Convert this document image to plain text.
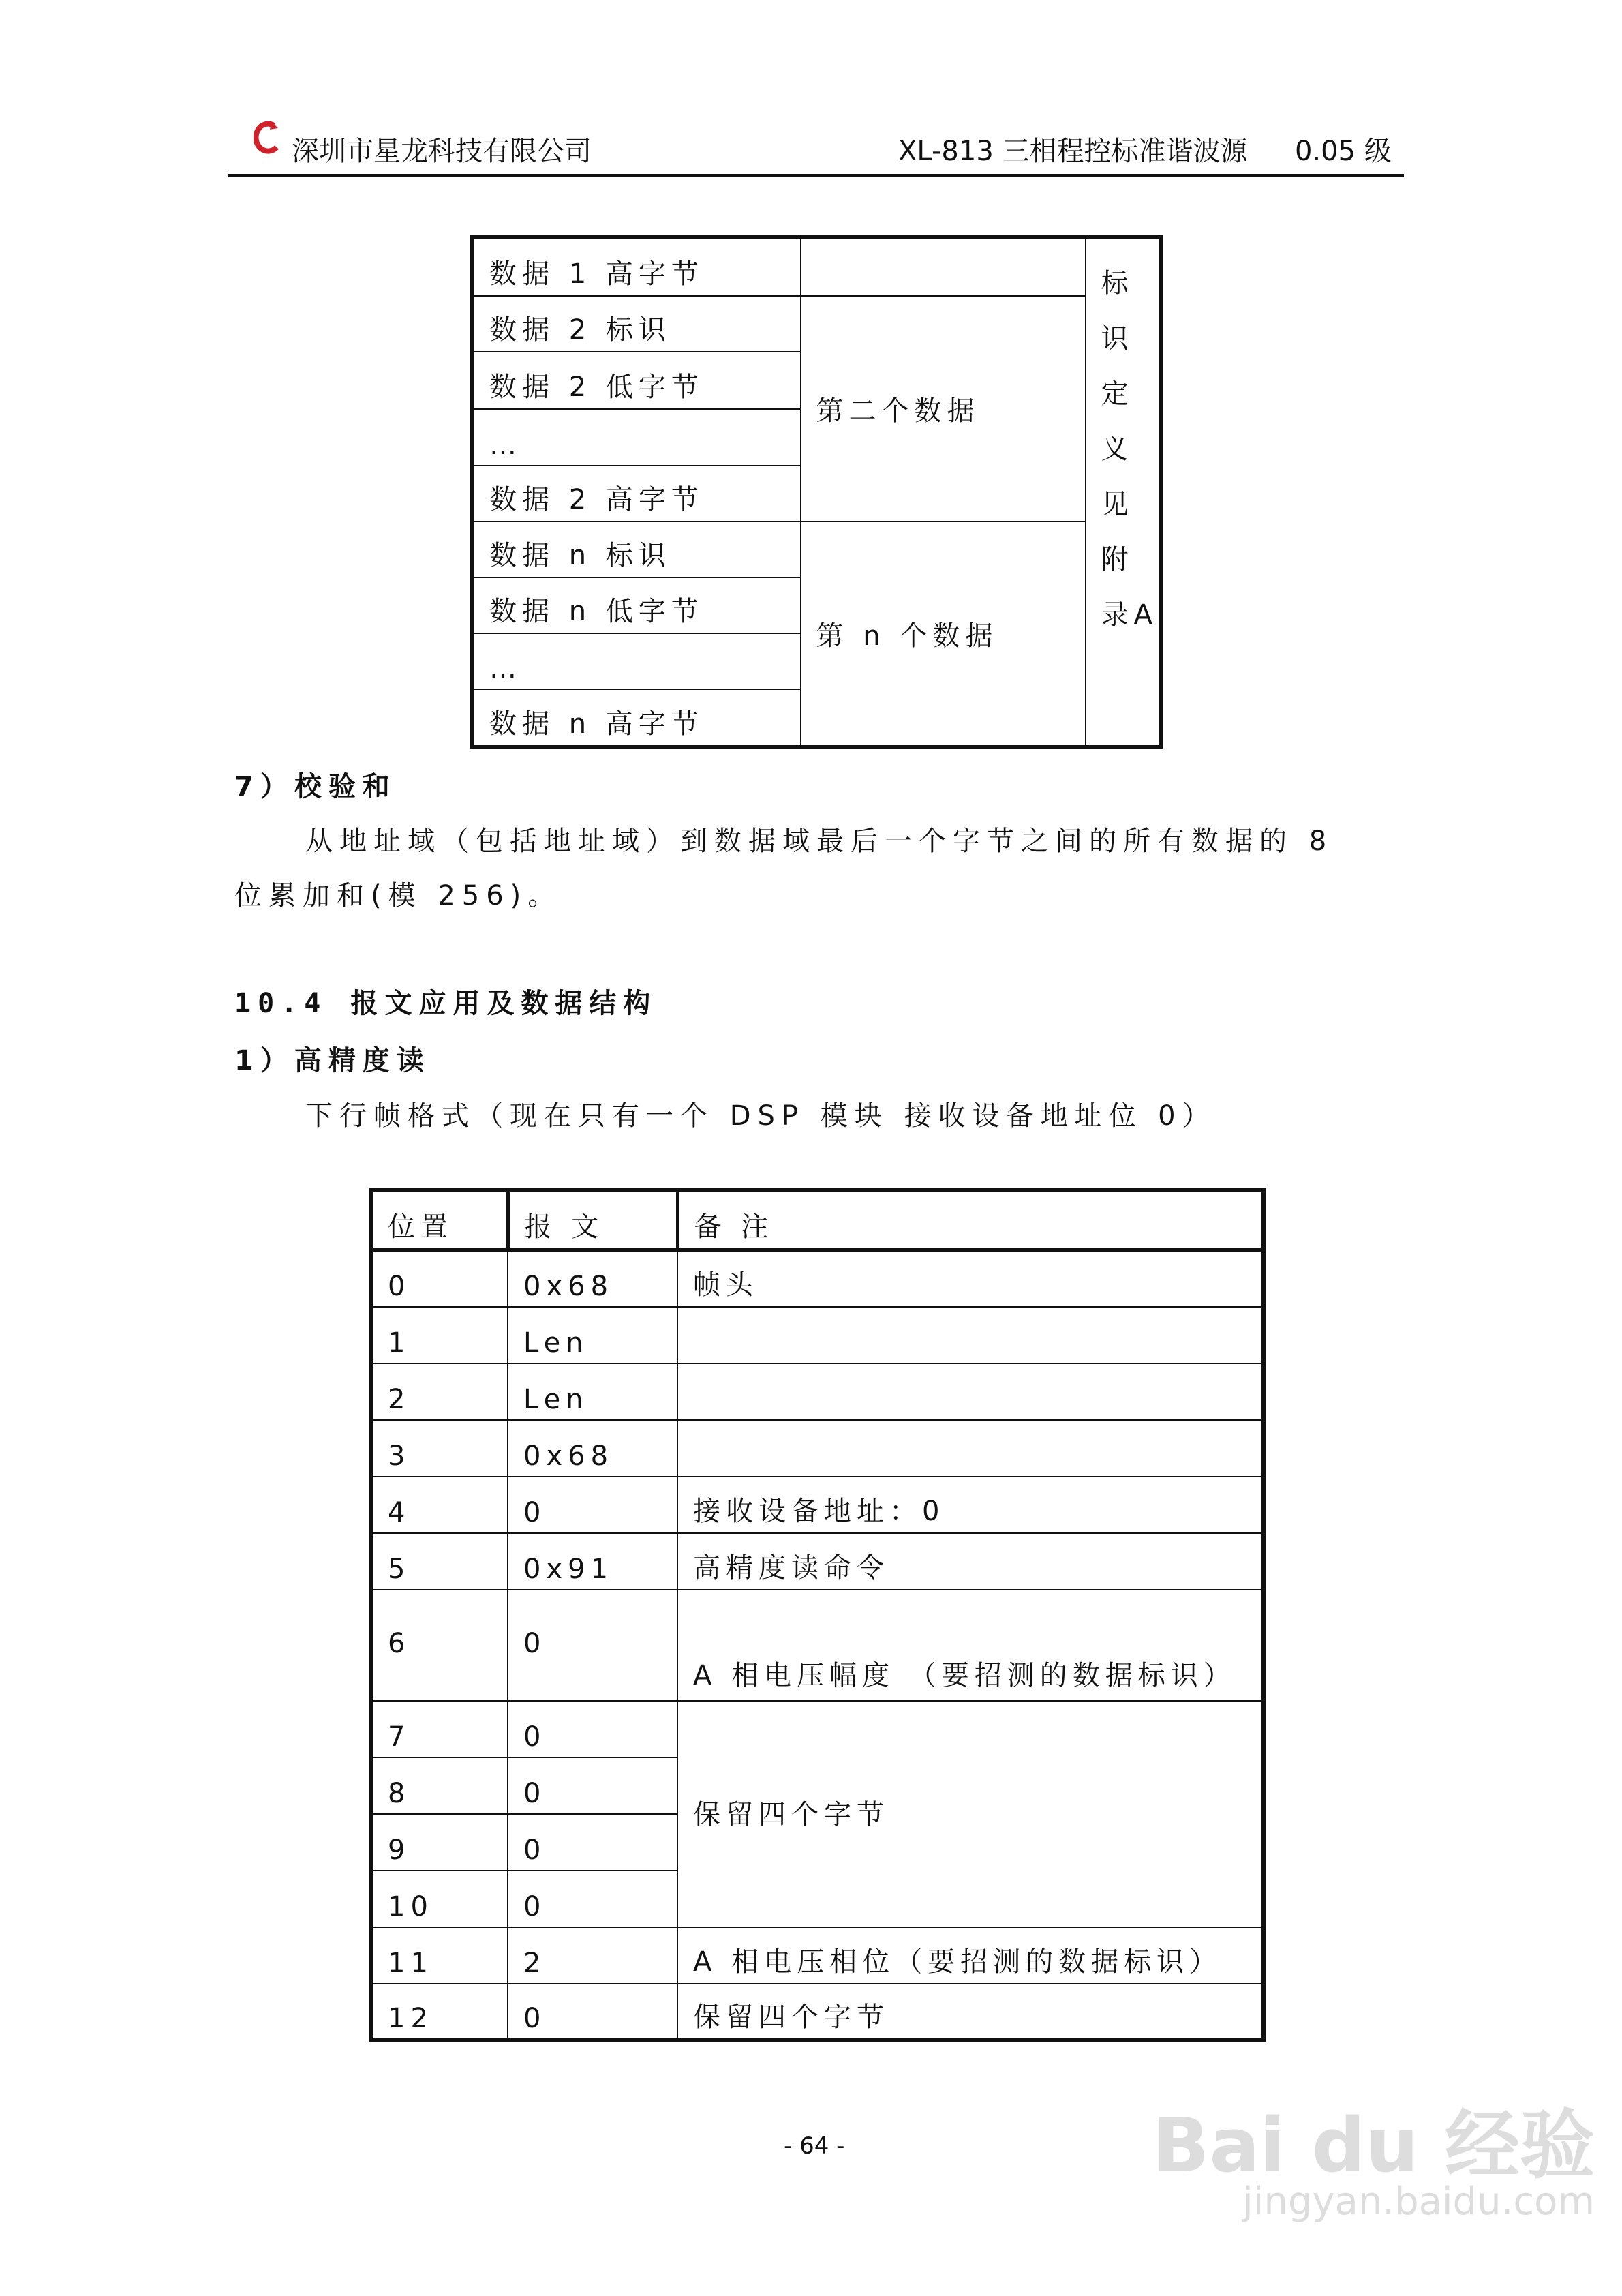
深圳市星龙科技有限公司	XL-813 三相程控标准谐波源 0.05 级
数据 1 高字节		标识定义见附录A
数据 2 标识	第二个数据	
数据 2 低字节		
…		
数据 2 高字节		
数据 n 标识	第 n 个数据	
数据 n 低字节		
…		
数据 n 高字节		
7）校验和
从地址域（包括地址域）到数据域最后一个字节之间的所有数据的 8
位累加和(模 256)。
10.4 报文应用及数据结构
1）高精度读
下行帧格式（现在只有一个 DSP 模块 接收设备地址位 0）
位置	报 文	备 注
0	0x68	帧头
1	Len	
2	Len	
3	0x68	
4	0	接收设备地址：0
5	0x91	高精度读命令
6	0	A 相电压幅度 （要招测的数据标识）
7	0	保留四个字节
8	0	
9	0	
10	0	
11	2	A 相电压相位（要招测的数据标识）
12	0	保留四个字节
- 64 -	Bai du 经验
jingyan.baidu.com
